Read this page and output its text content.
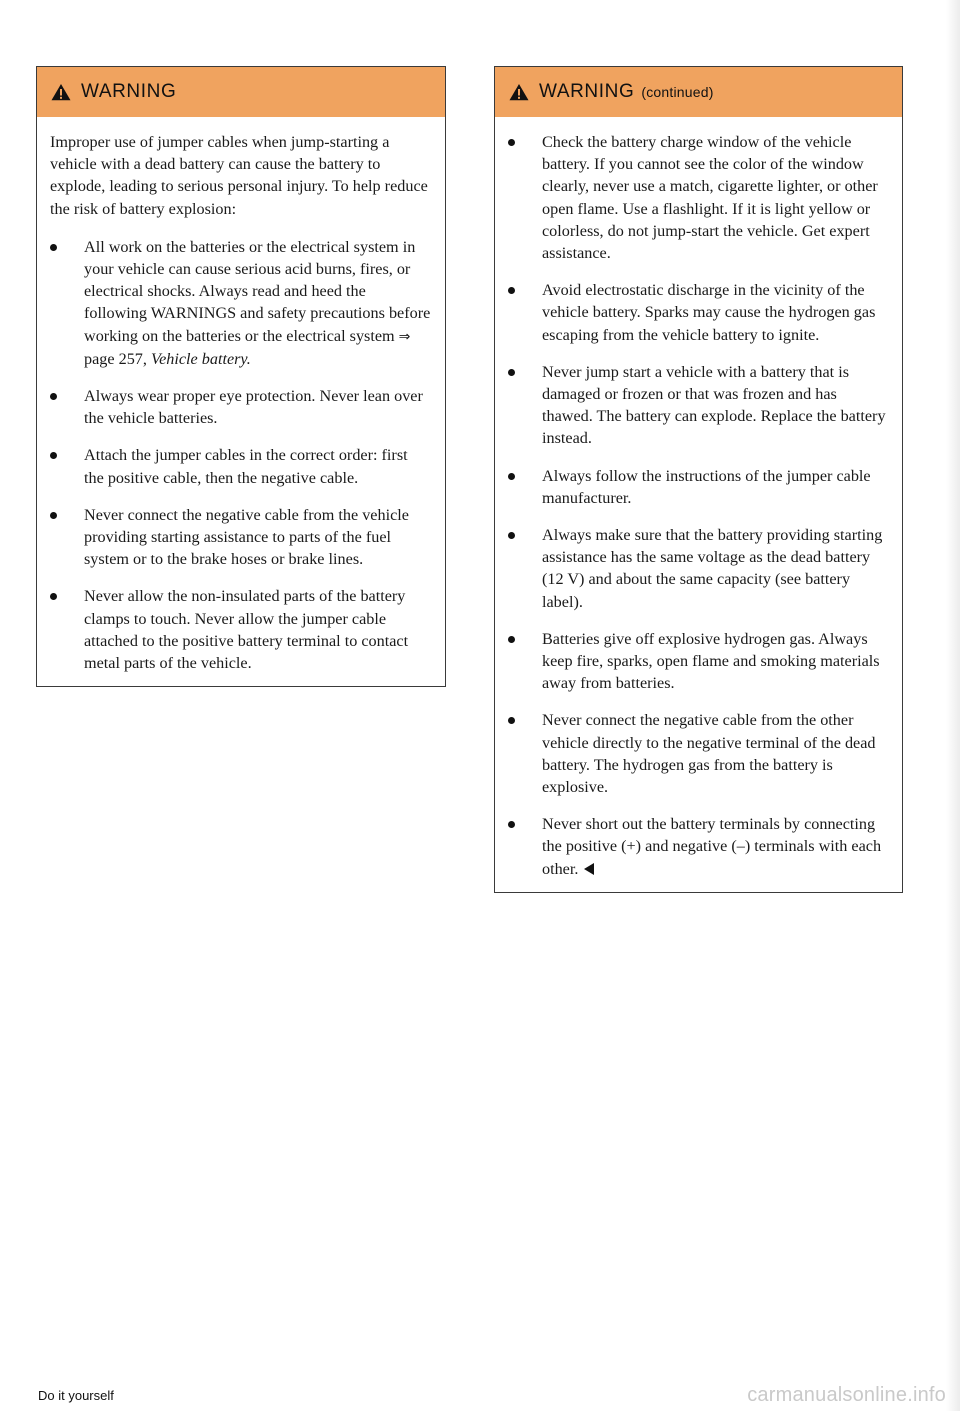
WARNING

Improper use of jumper cables when jump-starting a vehicle with a dead battery can cause the battery to explode, leading to serious personal injury. To help reduce the risk of battery explosion:

All work on the batteries or the electrical system in your vehicle can cause serious acid burns, fires, or electrical shocks. Always read and heed the following WARNINGS and safety precautions before working on the batteries or the electrical system ⇒ page 257, Vehicle battery.
Always wear proper eye protection. Never lean over the vehicle batteries.
Attach the jumper cables in the correct order: first the positive cable, then the negative cable.
Never connect the negative cable from the vehicle providing starting assistance to parts of the fuel system or to the brake hoses or brake lines.
Never allow the non-insulated parts of the battery clamps to touch. Never allow the jumper cable attached to the positive battery terminal to contact metal parts of the vehicle.
WARNING (continued)
Check the battery charge window of the vehicle battery. If you cannot see the color of the window clearly, never use a match, cigarette lighter, or other open flame. Use a flashlight. If it is light yellow or colorless, do not jump-start the vehicle. Get expert assistance.
Avoid electrostatic discharge in the vicinity of the vehicle battery. Sparks may cause the hydrogen gas escaping from the vehicle battery to ignite.
Never jump start a vehicle with a battery that is damaged or frozen or that was frozen and has thawed. The battery can explode. Replace the battery instead.
Always follow the instructions of the jumper cable manufacturer.
Always make sure that the battery providing starting assistance has the same voltage as the dead battery (12 V) and about the same capacity (see battery label).
Batteries give off explosive hydrogen gas. Always keep fire, sparks, open flame and smoking materials away from batteries.
Never connect the negative cable from the other vehicle directly to the negative terminal of the dead battery. The hydrogen gas from the battery is explosive.
Never short out the battery terminals by connecting the positive (+) and negative (–) terminals with each other.
Do it yourself	carmanualsonline.info
